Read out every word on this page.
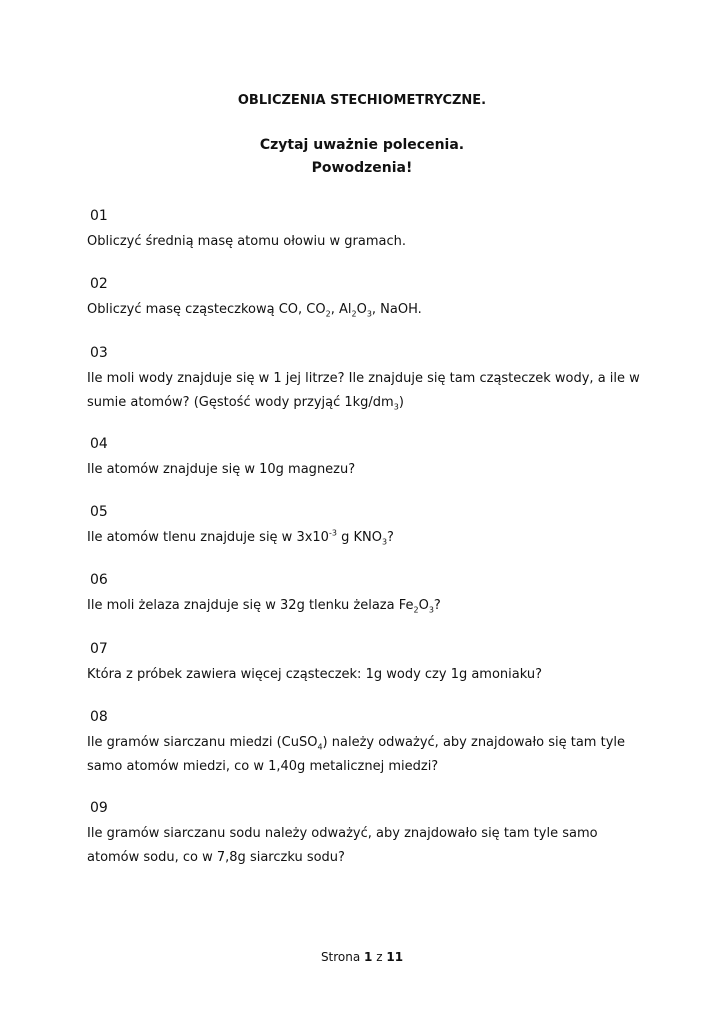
OBLICZENIA STECHIOMETRYCZNE.
Czytaj uważnie polecenia.
Powodzenia!
01
Obliczyć średnią masę atomu ołowiu w gramach.
02
Obliczyć masę cząsteczkową CO, $CO_2$, $Al_2O_3$, NaOH.
03
Ile moli wody znajduje się w 1 jej litrze? Ile znajduje się tam cząsteczek wody, a ile w sumie atomów? (Gęstość wody przyjąć $1kg/dm_3$)
04
Ile atomów znajduje się w 10g magnezu?
05
Ile atomów tlenu znajduje się w $3x10^{-3}$ g $KNO_3$?
06
Ile moli żelaza znajduje się w 32g tlenku żelaza $Fe_2O_3$?
07
Która z próbek zawiera więcej cząsteczek: 1g wody czy 1g amoniaku?
08
Ile gramów siarczanu miedzi (CuSO$_4$) należy odważyć, aby znajdowało się tam tyle samo atomów miedzi, co w 1,40g metalicznej miedzi?
09
Ile gramów siarczanu sodu należy odważyć, aby znajdowało się tam tyle samo atomów sodu, co w 7,8g siarczku sodu?
Strona 1 z 11
